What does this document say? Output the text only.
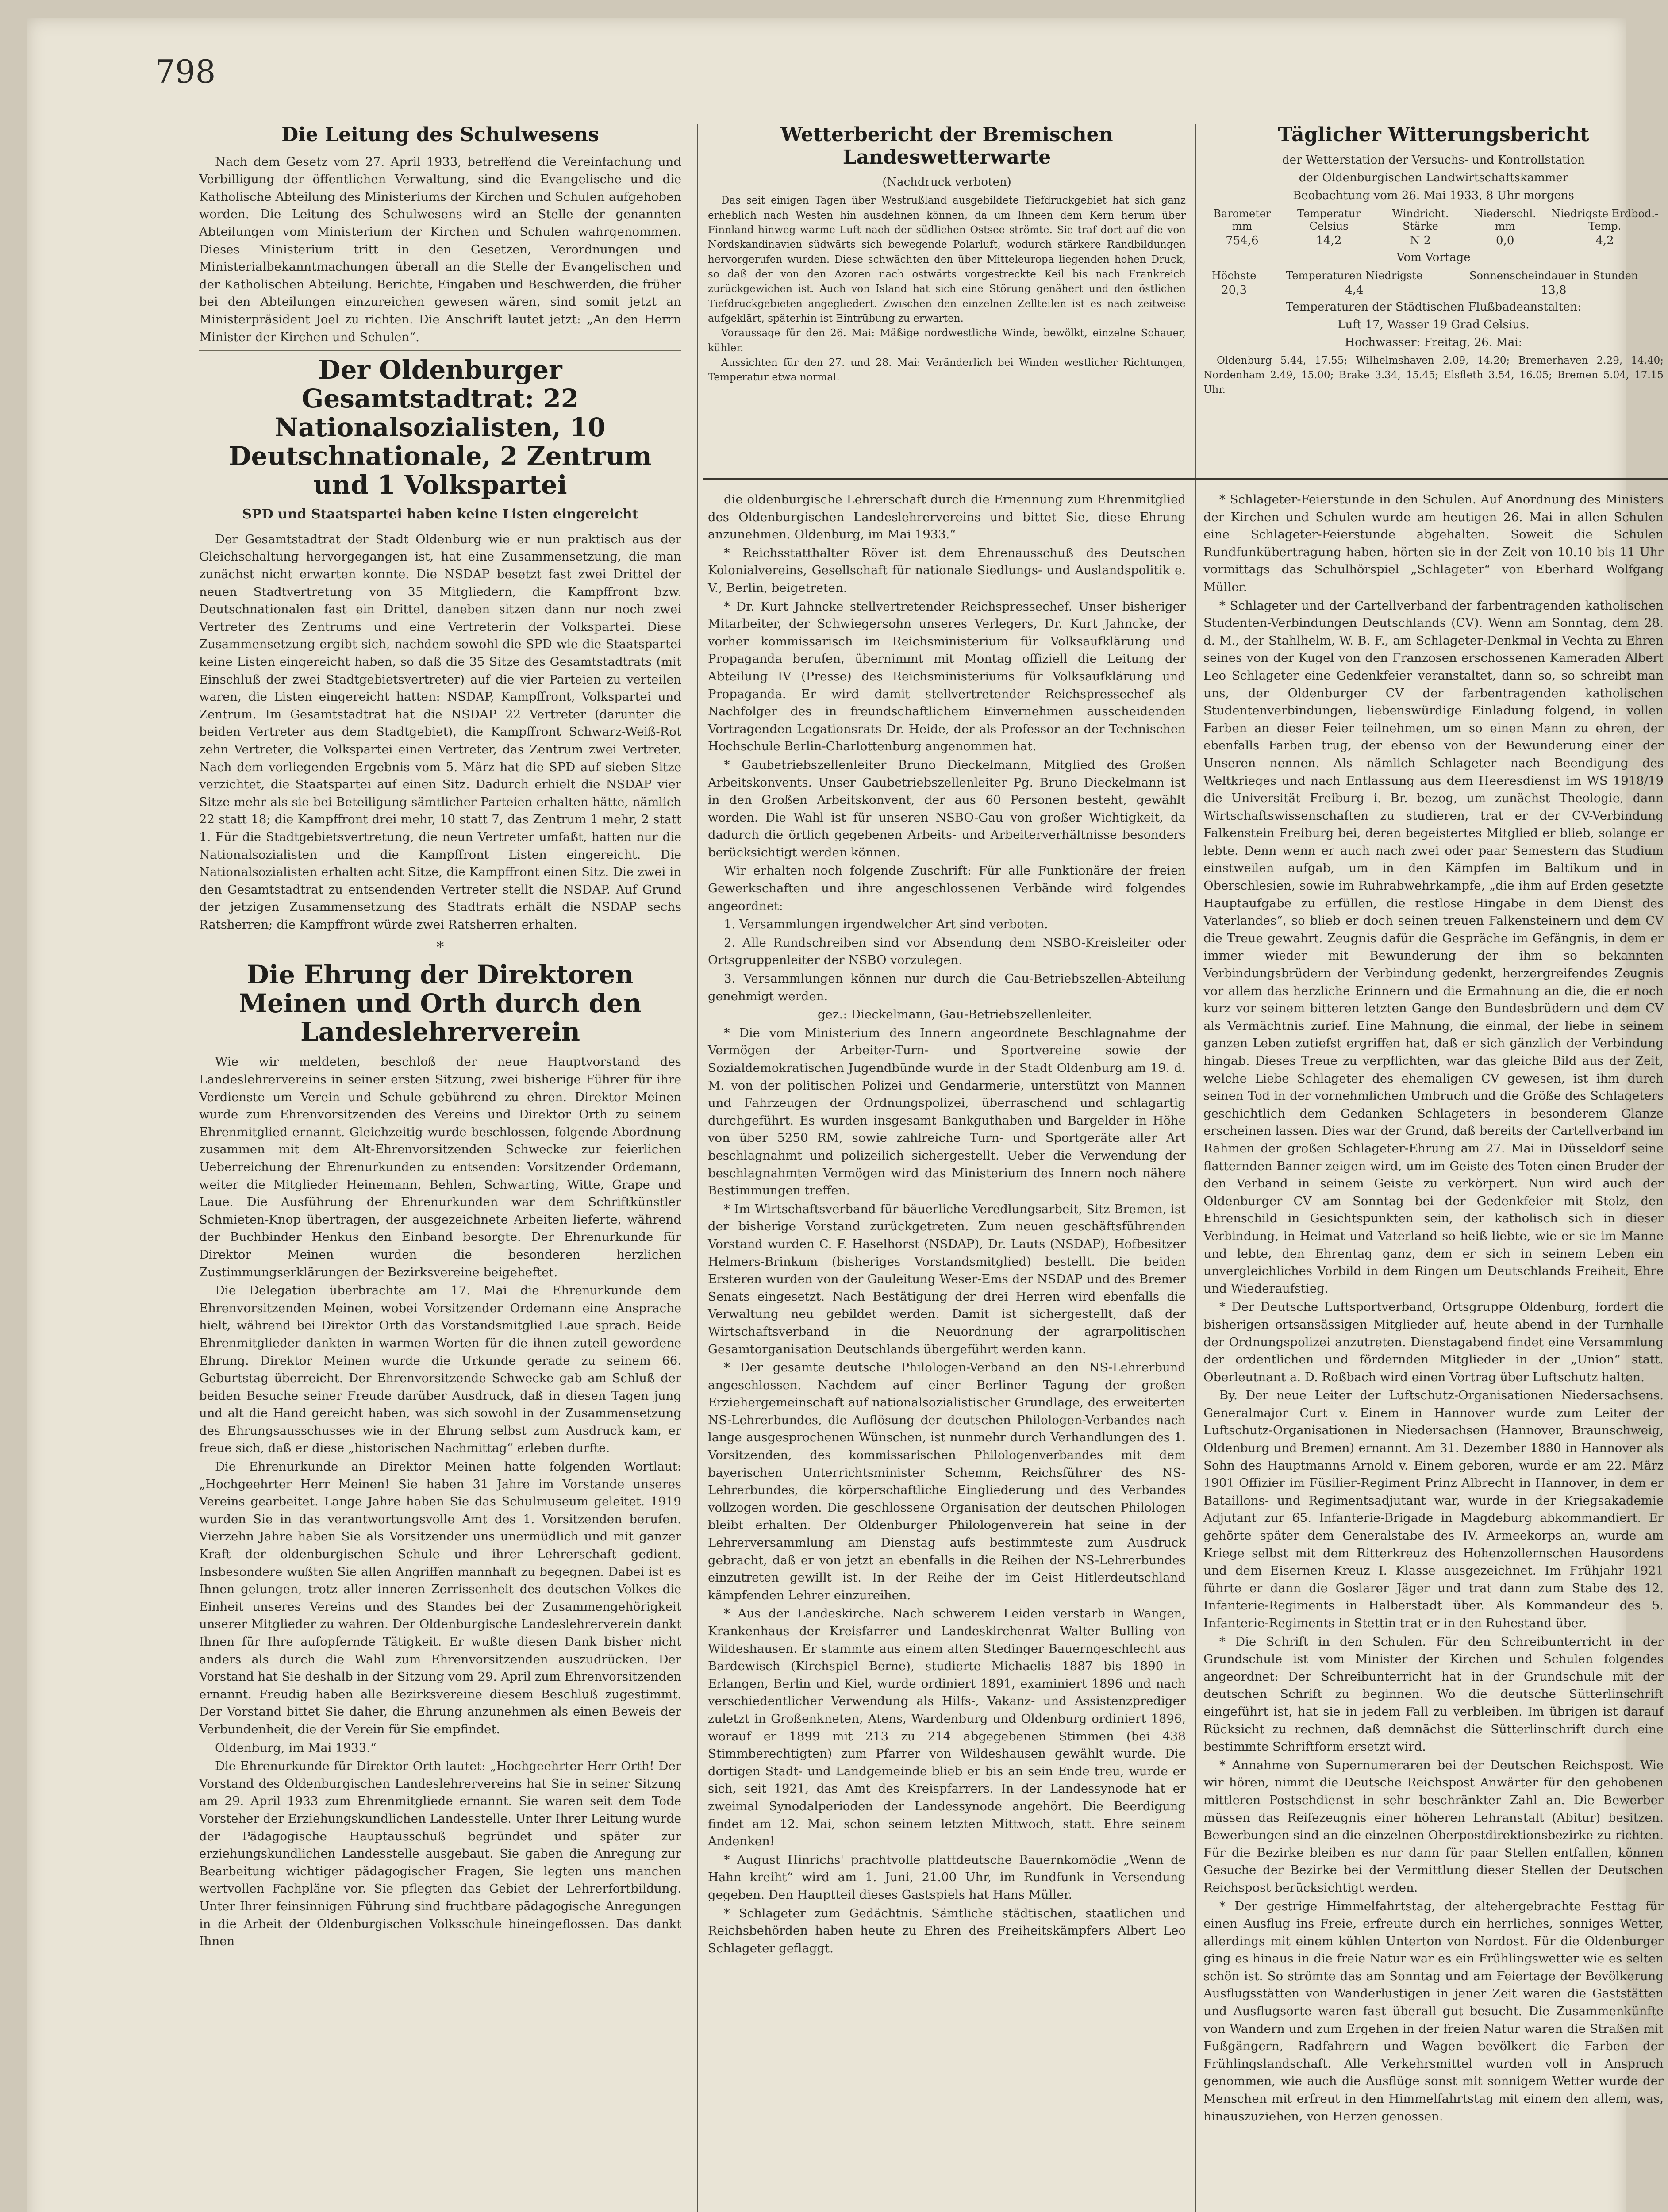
798
Die Leitung des Schulwesens
Nach dem Gesetz vom 27. April 1933, betreffend die Vereinfachung und Verbilligung der öffentlichen Verwaltung, sind die Evangelische und die Katholische Abteilung des Ministeriums der Kirchen und Schulen aufgehoben worden. Die Leitung des Schulwesens wird an Stelle der genannten Abteilungen vom Ministerium der Kirchen und Schulen wahrgenommen. Dieses Ministerium tritt in den Gesetzen, Verordnungen und Ministerialbekanntmachungen überall an die Stelle der Evangelischen und der Katholischen Abteilung. Berichte, Eingaben und Beschwerden, die früher bei den Abteilungen einzureichen gewesen wären, sind somit jetzt an Ministerpräsident Joel zu richten. Die Anschrift lautet jetzt: „An den Herrn Minister der Kirchen und Schulen“.
Der Oldenburger Gesamtstadtrat: 22 Nationalsozialisten, 10 Deutschnationale, 2 Zentrum und 1 Volkspartei
SPD und Staatspartei haben keine Listen eingereicht
Der Gesamtstadtrat der Stadt Oldenburg wie er nun praktisch aus der Gleichschaltung hervorgegangen ist, hat eine Zusammensetzung, die man zunächst nicht erwarten konnte. Die NSDAP besetzt fast zwei Drittel der neuen Stadtvertretung von 35 Mitgliedern, die Kampffront bzw. Deutschnationalen fast ein Drittel, daneben sitzen dann nur noch zwei Vertreter des Zentrums und eine Vertreterin der Volkspartei. Diese Zusammensetzung ergibt sich, nachdem sowohl die SPD wie die Staatspartei keine Listen eingereicht haben, so daß die 35 Sitze des Gesamtstadtrats (mit Einschluß der zwei Stadtgebietsvertreter) auf die vier Parteien zu verteilen waren, die Listen eingereicht hatten: NSDAP, Kampffront, Volkspartei und Zentrum. Im Gesamtstadtrat hat die NSDAP 22 Vertreter (darunter die beiden Vertreter aus dem Stadtgebiet), die Kampffront Schwarz-Weiß-Rot zehn Vertreter, die Volkspartei einen Vertreter, das Zentrum zwei Vertreter. Nach dem vorliegenden Ergebnis vom 5. März hat die SPD auf sieben Sitze verzichtet, die Staatspartei auf einen Sitz. Dadurch erhielt die NSDAP vier Sitze mehr als sie bei Beteiligung sämtlicher Parteien erhalten hätte, nämlich 22 statt 18; die Kampffront drei mehr, 10 statt 7, das Zentrum 1 mehr, 2 statt 1. Für die Stadtgebietsvertretung, die neun Vertreter umfaßt, hatten nur die Nationalsozialisten und die Kampffront Listen eingereicht. Die Nationalsozialisten erhalten acht Sitze, die Kampffront einen Sitz. Die zwei in den Gesamtstadtrat zu entsendenden Vertreter stellt die NSDAP. Auf Grund der jetzigen Zusammensetzung des Stadtrats erhält die NSDAP sechs Ratsherren; die Kampffront würde zwei Ratsherren erhalten.
*
Die Ehrung der Direktoren Meinen und Orth durch den Landeslehrerverein
Wie wir meldeten, beschloß der neue Hauptvorstand des Landeslehrervereins in seiner ersten Sitzung, zwei bisherige Führer für ihre Verdienste um Verein und Schule gebührend zu ehren. Direktor Meinen wurde zum Ehrenvorsitzenden des Vereins und Direktor Orth zu seinem Ehrenmitglied ernannt. Gleichzeitig wurde beschlossen, folgende Abordnung zusammen mit dem Alt-Ehrenvorsitzenden Schwecke zur feierlichen Ueberreichung der Ehrenurkunden zu entsenden: Vorsitzender Ordemann, weiter die Mitglieder Heinemann, Behlen, Schwarting, Witte, Grape und Laue. Die Ausführung der Ehrenurkunden war dem Schriftkünstler Schmieten-Knop übertragen, der ausgezeichnete Arbeiten lieferte, während der Buchbinder Henkus den Einband besorgte. Der Ehrenurkunde für Direktor Meinen wurden die besonderen herzlichen Zustimmungserklärungen der Bezirksvereine beigeheftet.
Die Delegation überbrachte am 17. Mai die Ehrenurkunde dem Ehrenvorsitzenden Meinen, wobei Vorsitzender Ordemann eine Ansprache hielt, während bei Direktor Orth das Vorstandsmitglied Laue sprach. Beide Ehrenmitglieder dankten in warmen Worten für die ihnen zuteil gewordene Ehrung. Direktor Meinen wurde die Urkunde gerade zu seinem 66. Geburtstag überreicht. Der Ehrenvorsitzende Schwecke gab am Schluß der beiden Besuche seiner Freude darüber Ausdruck, daß in diesen Tagen jung und alt die Hand gereicht haben, was sich sowohl in der Zusammensetzung des Ehrungsausschusses wie in der Ehrung selbst zum Ausdruck kam, er freue sich, daß er diese „historischen Nachmittag“ erleben durfte.
Die Ehrenurkunde an Direktor Meinen hatte folgenden Wortlaut: „Hochgeehrter Herr Meinen! Sie haben 31 Jahre im Vorstande unseres Vereins gearbeitet. Lange Jahre haben Sie das Schulmuseum geleitet. 1919 wurden Sie in das verantwortungsvolle Amt des 1. Vorsitzenden berufen. Vierzehn Jahre haben Sie als Vorsitzender uns unermüdlich und mit ganzer Kraft der oldenburgischen Schule und ihrer Lehrerschaft gedient. Insbesondere wußten Sie allen Angriffen mannhaft zu begegnen. Dabei ist es Ihnen gelungen, trotz aller inneren Zerrissenheit des deutschen Volkes die Einheit unseres Vereins und des Standes bei der Zusammengehörigkeit unserer Mitglieder zu wahren. Der Oldenburgische Landeslehrerverein dankt Ihnen für Ihre aufopfernde Tätigkeit. Er wußte diesen Dank bisher nicht anders als durch die Wahl zum Ehrenvorsitzenden auszudrücken. Der Vorstand hat Sie deshalb in der Sitzung vom 29. April zum Ehrenvorsitzenden ernannt. Freudig haben alle Bezirksvereine diesem Beschluß zugestimmt. Der Vorstand bittet Sie daher, die Ehrung anzunehmen als einen Beweis der Verbundenheit, die der Verein für Sie empfindet.
Oldenburg, im Mai 1933.“
Die Ehrenurkunde für Direktor Orth lautet: „Hochgeehrter Herr Orth! Der Vorstand des Oldenburgischen Landeslehrervereins hat Sie in seiner Sitzung am 29. April 1933 zum Ehrenmitgliede ernannt. Sie waren seit dem Tode Vorsteher der Erziehungskundlichen Landesstelle. Unter Ihrer Leitung wurde der Pädagogische Hauptausschuß begründet und später zur erziehungskundlichen Landesstelle ausgebaut. Sie gaben die Anregung zur Bearbeitung wichtiger pädagogischer Fragen, Sie legten uns manchen wertvollen Fachpläne vor. Sie pflegten das Gebiet der Lehrerfortbildung. Unter Ihrer feinsinnigen Führung sind fruchtbare pädagogische Anregungen in die Arbeit der Oldenburgischen Volksschule hineingeflossen. Das dankt Ihnen
Wetterbericht der Bremischen Landeswetterwarte
(Nachdruck verboten)
Das seit einigen Tagen über Westrußland ausgebildete Tiefdruckgebiet hat sich ganz erheblich nach Westen hin ausdehnen können, da um Ihneen dem Kern herum über Finnland hinweg warme Luft nach der südlichen Ostsee strömte. Sie traf dort auf die von Nordskandinavien südwärts sich bewegende Polarluft, wodurch stärkere Randbildungen hervorgerufen wurden. Diese schwächten den über Mitteleuropa liegenden hohen Druck, so daß der von den Azoren nach ostwärts vorgestreckte Keil bis nach Frankreich zurückgewichen ist. Auch von Island hat sich eine Störung genähert und den östlichen Tiefdruckgebieten angegliedert. Zwischen den einzelnen Zellteilen ist es nach zeitweise aufgeklärt, späterhin ist Eintrübung zu erwarten.
Voraussage für den 26. Mai: Mäßige nordwestliche Winde, bewölkt, einzelne Schauer, kühler.
Aussichten für den 27. und 28. Mai: Veränderlich bei Winden westlicher Richtungen, Temperatur etwa normal.
Täglicher Witterungsbericht
der Wetterstation der Versuchs- und Kontrollstation
der Oldenburgischen Landwirtschaftskammer
Beobachtung vom 26. Mai 1933, 8 Uhr morgens
Barometer mm	Temperatur Celsius	Windricht. Stärke	Niederschl. mm	Niedrigste Erdbod.-Temp.
754,6	14,2	N 2	0,0	4,2
Vom Vortage
Höchste	Temperaturen Niedrigste	Sonnenscheindauer in Stunden
20,3	4,4	13,8
Temperaturen der Städtischen Flußbadeanstalten:
Luft 17, Wasser 19 Grad Celsius.
Hochwasser: Freitag, 26. Mai:
Oldenburg 5.44, 17.55; Wilhelmshaven 2.09, 14.20; Bremerhaven 2.29, 14.40; Nordenham 2.49, 15.00; Brake 3.34, 15.45; Elsfleth 3.54, 16.05; Bremen 5.04, 17.15 Uhr.
die oldenburgische Lehrerschaft durch die Ernennung zum Ehrenmitglied des Oldenburgischen Landeslehrervereins und bittet Sie, diese Ehrung anzunehmen. Oldenburg, im Mai 1933.“
* Reichsstatthalter Röver ist dem Ehrenausschuß des Deutschen Kolonialvereins, Gesellschaft für nationale Siedlungs- und Auslandspolitik e. V., Berlin, beigetreten.
* Dr. Kurt Jahncke stellvertretender Reichspressechef. Unser bisheriger Mitarbeiter, der Schwiegersohn unseres Verlegers, Dr. Kurt Jahncke, der vorher kommissarisch im Reichsministerium für Volksaufklärung und Propaganda berufen, übernimmt mit Montag offiziell die Leitung der Abteilung IV (Presse) des Reichsministeriums für Volksaufklärung und Propaganda. Er wird damit stellvertretender Reichspressechef als Nachfolger des in freundschaftlichem Einvernehmen ausscheidenden Vortragenden Legationsrats Dr. Heide, der als Professor an der Technischen Hochschule Berlin-Charlottenburg angenommen hat.
* Gaubetriebszellenleiter Bruno Dieckelmann, Mitglied des Großen Arbeitskonvents. Unser Gaubetriebszellenleiter Pg. Bruno Dieckelmann ist in den Großen Arbeitskonvent, der aus 60 Personen besteht, gewählt worden. Die Wahl ist für unseren NSBO-Gau von großer Wichtigkeit, da dadurch die örtlich gegebenen Arbeits- und Arbeiterverhältnisse besonders berücksichtigt werden können.
Wir erhalten noch folgende Zuschrift: Für alle Funktionäre der freien Gewerkschaften und ihre angeschlossenen Verbände wird folgendes angeordnet:
1. Versammlungen irgendwelcher Art sind verboten.
2. Alle Rundschreiben sind vor Absendung dem NSBO-Kreisleiter oder Ortsgruppenleiter der NSBO vorzulegen.
3. Versammlungen können nur durch die Gau-Betriebszellen-Abteilung genehmigt werden.
gez.: Dieckelmann, Gau-Betriebszellenleiter.
* Die vom Ministerium des Innern angeordnete Beschlagnahme der Vermögen der Arbeiter-Turn- und Sportvereine sowie der Sozialdemokratischen Jugendbünde wurde in der Stadt Oldenburg am 19. d. M. von der politischen Polizei und Gendarmerie, unterstützt von Mannen und Fahrzeugen der Ordnungspolizei, überraschend und schlagartig durchgeführt. Es wurden insgesamt Bankguthaben und Bargelder in Höhe von über 5250 RM, sowie zahlreiche Turn- und Sportgeräte aller Art beschlagnahmt und polizeilich sichergestellt. Ueber die Verwendung der beschlagnahmten Vermögen wird das Ministerium des Innern noch nähere Bestimmungen treffen.
* Im Wirtschaftsverband für bäuerliche Veredlungsarbeit, Sitz Bremen, ist der bisherige Vorstand zurückgetreten. Zum neuen geschäftsführenden Vorstand wurden C. F. Haselhorst (NSDAP), Dr. Lauts (NSDAP), Hofbesitzer Helmers-Brinkum (bisheriges Vorstandsmitglied) bestellt. Die beiden Ersteren wurden von der Gauleitung Weser-Ems der NSDAP und des Bremer Senats eingesetzt. Nach Bestätigung der drei Herren wird ebenfalls die Verwaltung neu gebildet werden. Damit ist sichergestellt, daß der Wirtschaftsverband in die Neuordnung der agrarpolitischen Gesamtorganisation Deutschlands übergeführt werden kann.
* Der gesamte deutsche Philologen-Verband an den NS-Lehrerbund angeschlossen. Nachdem auf einer Berliner Tagung der großen Erziehergemeinschaft auf nationalsozialistischer Grundlage, des erweiterten NS-Lehrerbundes, die Auflösung der deutschen Philologen-Verbandes nach lange ausgesprochenen Wünschen, ist nunmehr durch Verhandlungen des 1. Vorsitzenden, des kommissarischen Philologenverbandes mit dem bayerischen Unterrichtsminister Schemm, Reichsführer des NS-Lehrerbundes, die körperschaftliche Eingliederung und des Verbandes vollzogen worden. Die geschlossene Organisation der deutschen Philologen bleibt erhalten. Der Oldenburger Philologenverein hat seine in der Lehrerversammlung am Dienstag aufs bestimmteste zum Ausdruck gebracht, daß er von jetzt an ebenfalls in die Reihen der NS-Lehrerbundes einzutreten gewillt ist. In der Reihe der im Geist Hitlerdeutschland kämpfenden Lehrer einzureihen.
* Aus der Landeskirche. Nach schwerem Leiden verstarb in Wangen, Krankenhaus der Kreisfarrer und Landeskirchenrat Walter Bulling von Wildeshausen. Er stammte aus einem alten Stedinger Bauerngeschlecht aus Bardewisch (Kirchspiel Berne), studierte Michaelis 1887 bis 1890 in Erlangen, Berlin und Kiel, wurde ordiniert 1891, examiniert 1896 und nach verschiedentlicher Verwendung als Hilfs-, Vakanz- und Assistenzprediger zuletzt in Großenkneten, Atens, Wardenburg und Oldenburg ordiniert 1896, worauf er 1899 mit 213 zu 214 abgegebenen Stimmen (bei 438 Stimmberechtigten) zum Pfarrer von Wildeshausen gewählt wurde. Die dortigen Stadt- und Landgemeinde blieb er bis an sein Ende treu, wurde er sich, seit 1921, das Amt des Kreispfarrers. In der Landessynode hat er zweimal Synodalperioden der Landessynode angehört. Die Beerdigung findet am 12. Mai, schon seinem letzten Mittwoch, statt. Ehre seinem Andenken!
* August Hinrichs' prachtvolle plattdeutsche Bauernkomödie „Wenn de Hahn kreiht“ wird am 1. Juni, 21.00 Uhr, im Rundfunk in Versendung gegeben. Den Hauptteil dieses Gastspiels hat Hans Müller.
* Schlageter zum Gedächtnis. Sämtliche städtischen, staatlichen und Reichsbehörden haben heute zu Ehren des Freiheitskämpfers Albert Leo Schlageter geflaggt.
* Schlageter-Feierstunde in den Schulen. Auf Anordnung des Ministers der Kirchen und Schulen wurde am heutigen 26. Mai in allen Schulen eine Schlageter-Feierstunde abgehalten. Soweit die Schulen Rundfunkübertragung haben, hörten sie in der Zeit von 10.10 bis 11 Uhr vormittags das Schulhörspiel „Schlageter“ von Eberhard Wolfgang Müller.
* Schlageter und der Cartellverband der farbentragenden katholischen Studenten-Verbindungen Deutschlands (CV). Wenn am Sonntag, dem 28. d. M., der Stahlhelm, W. B. F., am Schlageter-Denkmal in Vechta zu Ehren seines von der Kugel von den Franzosen erschossenen Kameraden Albert Leo Schlageter eine Gedenkfeier veranstaltet, dann so, so schreibt man uns, der Oldenburger CV der farbentragenden katholischen Studentenverbindungen, liebenswürdige Einladung folgend, in vollen Farben an dieser Feier teilnehmen, um so einen Mann zu ehren, der ebenfalls Farben trug, der ebenso von der Bewunderung einer der Unseren nennen. Als nämlich Schlageter nach Beendigung des Weltkrieges und nach Entlassung aus dem Heeresdienst im WS 1918/19 die Universität Freiburg i. Br. bezog, um zunächst Theologie, dann Wirtschaftswissenschaften zu studieren, trat er der CV-Verbindung Falkenstein Freiburg bei, deren begeistertes Mitglied er blieb, solange er lebte. Denn wenn er auch nach zwei oder paar Semestern das Studium einstweilen aufgab, um in den Kämpfen im Baltikum und in Oberschlesien, sowie im Ruhrabwehrkampfe, „die ihm auf Erden gesetzte Hauptaufgabe zu erfüllen, die restlose Hingabe in dem Dienst des Vaterlandes“, so blieb er doch seinen treuen Falkensteinern und dem CV die Treue gewahrt. Zeugnis dafür die Gespräche im Gefängnis, in dem er immer wieder mit Bewunderung der ihm so bekannten Verbindungsbrüdern der Verbindung gedenkt, herzergreifendes Zeugnis vor allem das herzliche Erinnern und die Ermahnung an die, die er noch kurz vor seinem bitteren letzten Gange den Bundesbrüdern und dem CV als Vermächtnis zurief. Eine Mahnung, die einmal, der liebe in seinem ganzen Leben zutiefst ergriffen hat, daß er sich gänzlich der Verbindung hingab. Dieses Treue zu verpflichten, war das gleiche Bild aus der Zeit, welche Liebe Schlageter des ehemaligen CV gewesen, ist ihm durch seinen Tod in der vornehmlichen Umbruch und die Größe des Schlageters geschichtlich dem Gedanken Schlageters in besonderem Glanze erscheinen lassen. Dies war der Grund, daß bereits der Cartellverband im Rahmen der großen Schlageter-Ehrung am 27. Mai in Düsseldorf seine flatternden Banner zeigen wird, um im Geiste des Toten einen Bruder der den Verband in seinem Geiste zu verkörpert. Nun wird auch der Oldenburger CV am Sonntag bei der Gedenkfeier mit Stolz, den Ehrenschild in Gesichtspunkten sein, der katholisch sich in dieser Verbindung, in Heimat und Vaterland so heiß liebte, wie er sie im Manne und lebte, den Ehrentag ganz, dem er sich in seinem Leben ein unvergleichliches Vorbild in dem Ringen um Deutschlands Freiheit, Ehre und Wiederaufstieg.
* Der Deutsche Luftsportverband, Ortsgruppe Oldenburg, fordert die bisherigen ortsansässigen Mitglieder auf, heute abend in der Turnhalle der Ordnungspolizei anzutreten. Dienstagabend findet eine Versammlung der ordentlichen und fördernden Mitglieder in der „Union“ statt. Oberleutnant a. D. Roßbach wird einen Vortrag über Luftschutz halten.
By. Der neue Leiter der Luftschutz-Organisationen Niedersachsens. Generalmajor Curt v. Einem in Hannover wurde zum Leiter der Luftschutz-Organisationen in Niedersachsen (Hannover, Braunschweig, Oldenburg und Bremen) ernannt. Am 31. Dezember 1880 in Hannover als Sohn des Hauptmanns Arnold v. Einem geboren, wurde er am 22. März 1901 Offizier im Füsilier-Regiment Prinz Albrecht in Hannover, in dem er Bataillons- und Regimentsadjutant war, wurde in der Kriegsakademie Adjutant zur 65. Infanterie-Brigade in Magdeburg abkommandiert. Er gehörte später dem Generalstabe des IV. Armeekorps an, wurde am Kriege selbst mit dem Ritterkreuz des Hohenzollernschen Hausordens und dem Eisernen Kreuz I. Klasse ausgezeichnet. Im Frühjahr 1921 führte er dann die Goslarer Jäger und trat dann zum Stabe des 12. Infanterie-Regiments in Halberstadt über. Als Kommandeur des 5. Infanterie-Regiments in Stettin trat er in den Ruhestand über.
* Die Schrift in den Schulen. Für den Schreibunterricht in der Grundschule ist vom Minister der Kirchen und Schulen folgendes angeordnet: Der Schreibunterricht hat in der Grundschule mit der deutschen Schrift zu beginnen. Wo die deutsche Sütterlinschrift eingeführt ist, hat sie in jedem Fall zu verbleiben. Im übrigen ist darauf Rücksicht zu rechnen, daß demnächst die Sütterlinschrift durch eine bestimmte Schriftform ersetzt wird.
* Annahme von Supernumeraren bei der Deutschen Reichspost. Wie wir hören, nimmt die Deutsche Reichspost Anwärter für den gehobenen mittleren Postschdienst in sehr beschränkter Zahl an. Die Bewerber müssen das Reifezeugnis einer höheren Lehranstalt (Abitur) besitzen. Bewerbungen sind an die einzelnen Oberpostdirektionsbezirke zu richten. Für die Bezirke bleiben es nur dann für paar Stellen entfallen, können Gesuche der Bezirke bei der Vermittlung dieser Stellen der Deutschen Reichspost berücksichtigt werden.
* Der gestrige Himmelfahrtstag, der altehergebrachte Festtag für einen Ausflug ins Freie, erfreute durch ein herrliches, sonniges Wetter, allerdings mit einem kühlen Unterton von Nordost. Für die Oldenburger ging es hinaus in die freie Natur war es ein Frühlingswetter wie es selten schön ist. So strömte das am Sonntag und am Feiertage der Bevölkerung Ausflugsstätten von Wanderlustigen in jener Zeit waren die Gaststätten und Ausflugsorte waren fast überall gut besucht. Die Zusammenkünfte von Wandern und zum Ergehen in der freien Natur waren die Straßen mit Fußgängern, Radfahrern und Wagen bevölkert die Farben der Frühlingslandschaft. Alle Verkehrsmittel wurden voll in Anspruch genommen, wie auch die Ausflüge sonst mit sonnigem Wetter wurde der Menschen mit erfreut in den Himmelfahrtstag mit einem den allem, was, hinauszuziehen, von Herzen genossen.
